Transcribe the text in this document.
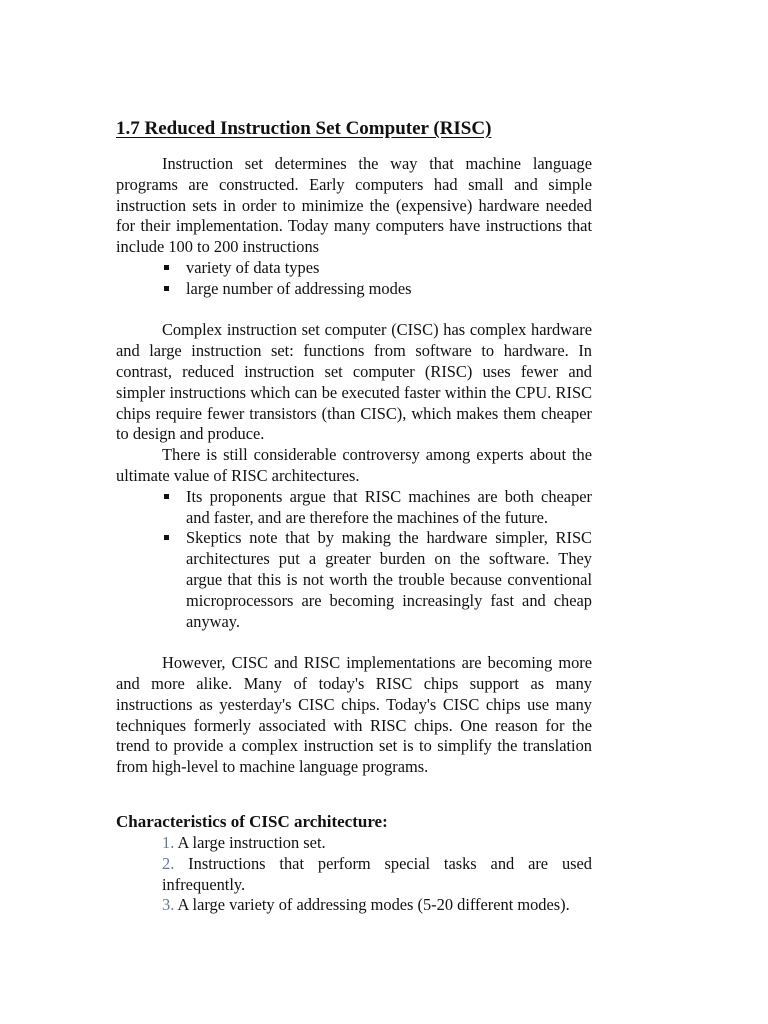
1.7 Reduced Instruction Set Computer (RISC)

Instruction set determines the way that machine language programs are constructed. Early computers had small and simple instruction sets in order to minimize the (expensive) hardware needed for their implementation. Today many computers have instructions that include 100 to 200 instructions

variety of data types
large number of addressing modes

Complex instruction set computer (CISC) has complex hardware and large instruction set: functions from software to hardware. In contrast, reduced instruction set computer (RISC) uses fewer and simpler instructions which can be executed faster within the CPU. RISC chips require fewer transistors (than CISC), which makes them cheaper to design and produce.

There is still considerable controversy among experts about the ultimate value of RISC architectures.

Its proponents argue that RISC machines are both cheaper and faster, and are therefore the machines of the future.
Skeptics note that by making the hardware simpler, RISC architectures put a greater burden on the software. They argue that this is not worth the trouble because conventional microprocessors are becoming increasingly fast and cheap anyway.

However, CISC and RISC implementations are becoming more and more alike. Many of today's RISC chips support as many instructions as yesterday's CISC chips. Today's CISC chips use many techniques formerly associated with RISC chips. One reason for the trend to provide a complex instruction set is to simplify the translation from high-level to machine language programs.

Characteristics of CISC architecture:
1. A large instruction set.
2. Instructions that perform special tasks and are used infrequently.
3. A large variety of addressing modes (5-20 different modes).
